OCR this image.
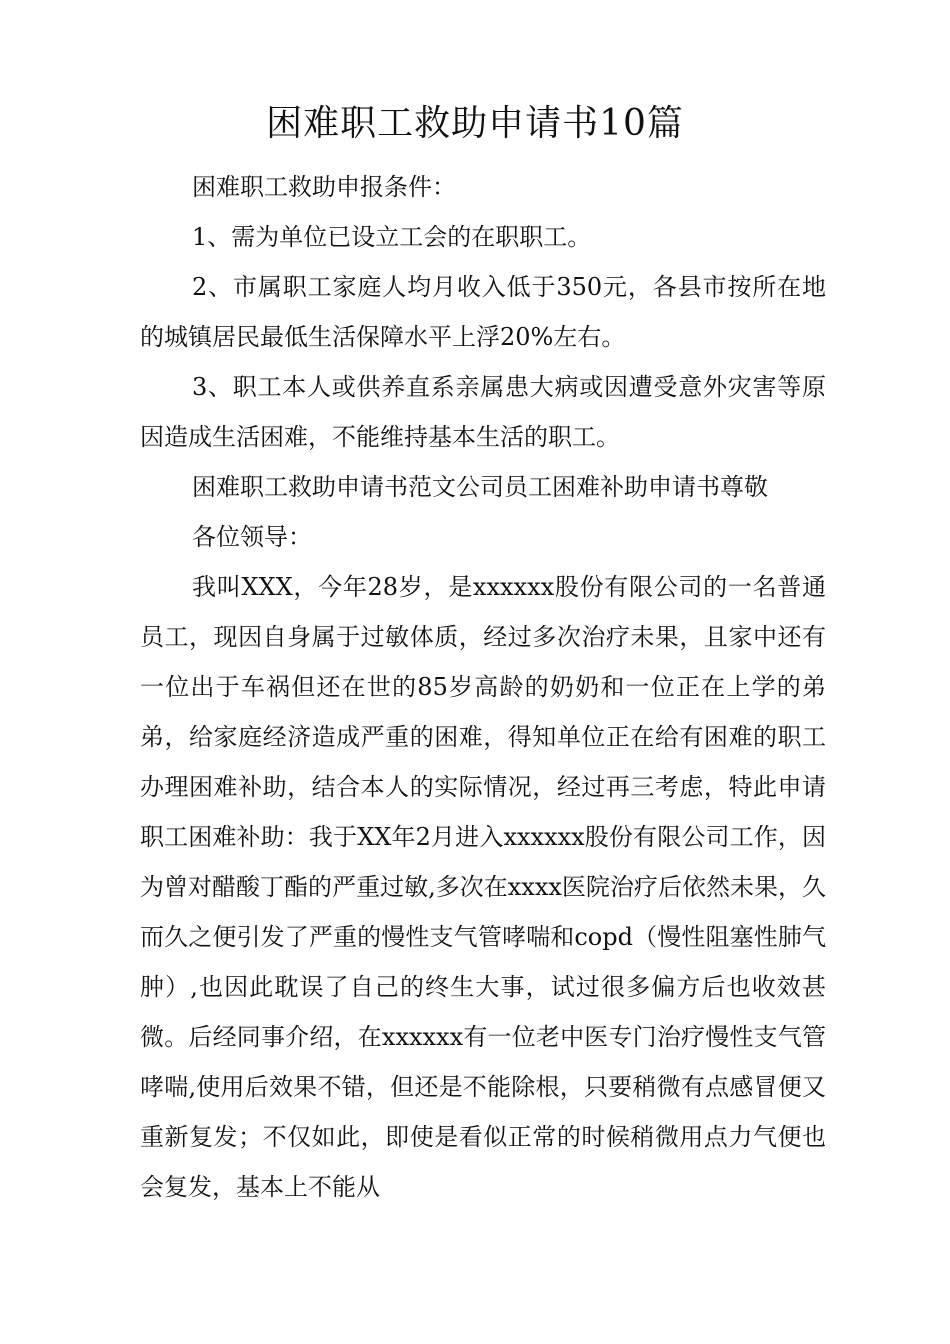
困难职工救助申请书10篇

困难职工救助申报条件：

1、需为单位已设立工会的在职职工。

2、市属职工家庭人均月收入低于350元，各县市按所在地的城镇居民最低生活保障水平上浮20%左右。

3、职工本人或供养直系亲属患大病或因遭受意外灾害等原因造成生活困难，不能维持基本生活的职工。

困难职工救助申请书范文公司员工困难补助申请书尊敬

各位领导：

我叫XXX，今年28岁，是xxxxxx股份有限公司的一名普通员工，现因自身属于过敏体质，经过多次治疗未果，且家中还有一位出于车祸但还在世的85岁高龄的奶奶和一位正在上学的弟弟，给家庭经济造成严重的困难，得知单位正在给有困难的职工办理困难补助，结合本人的实际情况，经过再三考虑，特此申请职工困难补助：我于XX年2月进入xxxxxx股份有限公司工作，因为曾对醋酸丁酯的严重过敏,多次在xxxx医院治疗后依然未果，久而久之便引发了严重的慢性支气管哮喘和copd（慢性阻塞性肺气肿）,也因此耽误了自己的终生大事，试过很多偏方后也收效甚微。后经同事介绍，在xxxxxx有一位老中医专门治疗慢性支气管哮喘,使用后效果不错，但还是不能除根，只要稍微有点感冒便又重新复发；不仅如此，即使是看似正常的时候稍微用点力气便也会复发，基本上不能从
